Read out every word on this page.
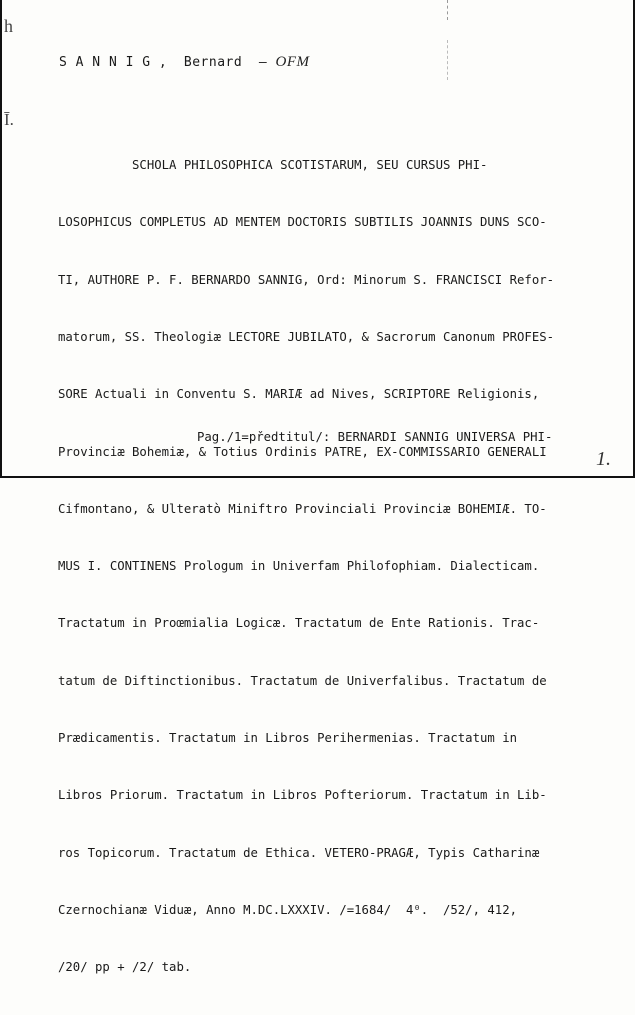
h
Ī.
S A N N I G ,  Bernard  — OFM

SCHOLA PHILOSOPHICA SCOTISTARUM, SEU CURSUS PHI-

LOSOPHICUS COMPLETUS AD MENTEM DOCTORIS SUBTILIS JOANNIS DUNS SCO-

TI, AUTHORE P. F. BERNARDO SANNIG, Ord: Minorum S. FRANCISCI Refor-

matorum, SS. Theologiæ LECTORE JUBILATO, & Sacrorum Canonum PROFES-

SORE Actuali in Conventu S. MARIÆ ad Nives, SCRIPTORE Religionis,

Provinciæ Bohemiæ, & Totius Ordinis PATRE, EX-COMMISSARIO GENERALI

Cifmontano, & Ulteratò Miniftro Provinciali Provinciæ BOHEMIÆ. TO-

MUS I. CONTINENS Prologum in Univerfam Philofophiam. Dialecticam.

Tractatum in Proœmialia Logicæ. Tractatum de Ente Rationis. Trac-

tatum de Diftinctionibus. Tractatum de Univerfalibus. Tractatum de

Prædicamentis. Tractatum in Libros Perihermenias. Tractatum in

Libros Priorum. Tractatum in Libros Pofteriorum. Tractatum in Lib-

ros Topicorum. Tractatum de Ethica. VETERO-PRAGÆ, Typis Catharinæ

Czernochianæ Viduæ, Anno M.DC.LXXXIV. /=1684/  4⁰.  /52/, 412,

/20/ pp + /2/ tab.

Pag./1=předtitul/: BERNARDI SANNIG UNIVERSA PHI-
1.
